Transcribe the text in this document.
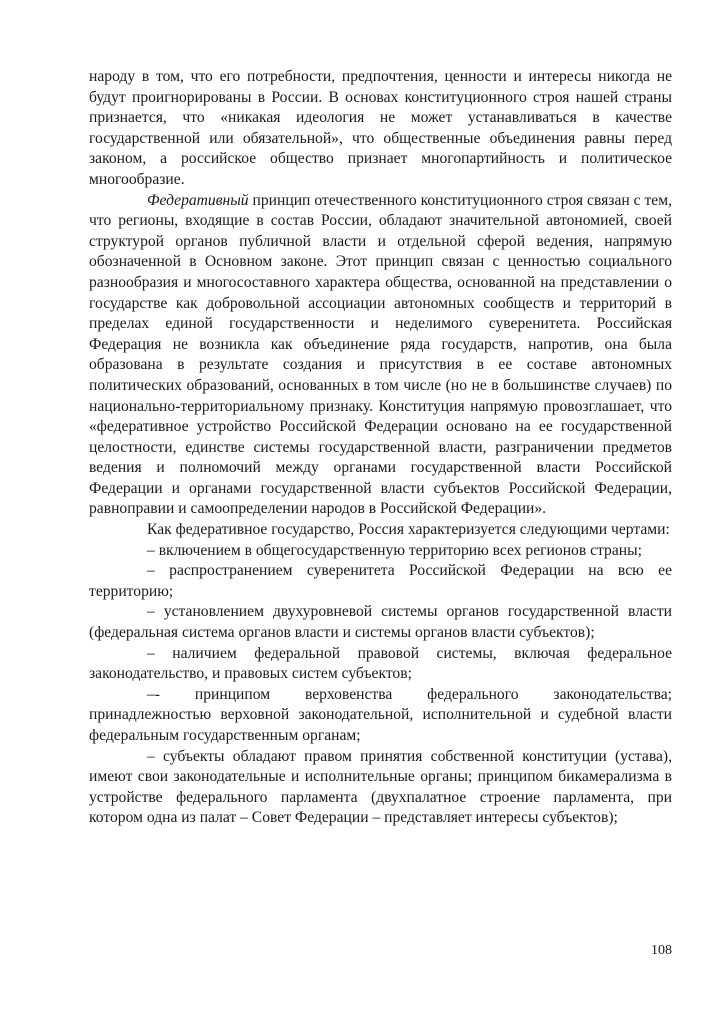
народу в том, что его потребности, предпочтения, ценности и интересы никогда не будут проигнорированы в России. В основах конституционного строя нашей страны признается, что «никакая идеология не может устанавливаться в качестве государственной или обязательной», что общественные объединения равны перед законом, а российское общество признает многопартийность и политическое многообразие.

Федеративный принцип отечественного конституционного строя связан с тем, что регионы, входящие в состав России, обладают значительной автономией, своей структурой органов публичной власти и отдельной сферой ведения, напрямую обозначенной в Основном законе. Этот принцип связан с ценностью социального разнообразия и многосоставного характера общества, основанной на представлении о государстве как добровольной ассоциации автономных сообществ и территорий в пределах единой государственности и неделимого суверенитета. Российская Федерация не возникла как объединение ряда государств, напротив, она была образована в результате создания и присутствия в ее составе автономных политических образований, основанных в том числе (но не в большинстве случаев) по национально-территориальному признаку. Конституция напрямую провозглашает, что «федеративное устройство Российской Федерации основано на ее государственной целостности, единстве системы государственной власти, разграничении предметов ведения и полномочий между органами государственной власти Российской Федерации и органами государственной власти субъектов Российской Федерации, равноправии и самоопределении народов в Российской Федерации».

Как федеративное государство, Россия характеризуется следующими чертами:

– включением в общегосударственную территорию всех регионов страны;

– распространением суверенитета Российской Федерации на всю ее территорию;

– установлением двухуровневой системы органов государственной власти (федеральная система органов власти и системы органов власти субъектов);

– наличием федеральной правовой системы, включая федеральное законодательство, и правовых систем субъектов;

–- принципом верховенства федерального законодательства; принадлежностью верховной законодательной, исполнительной и судебной власти федеральным государственным органам;

– субъекты обладают правом принятия собственной конституции (устава), имеют свои законодательные и исполнительные органы; принципом бикамерализма в устройстве федерального парламента (двухпалатное строение парламента, при котором одна из палат – Совет Федерации – представляет интересы субъектов);

108
